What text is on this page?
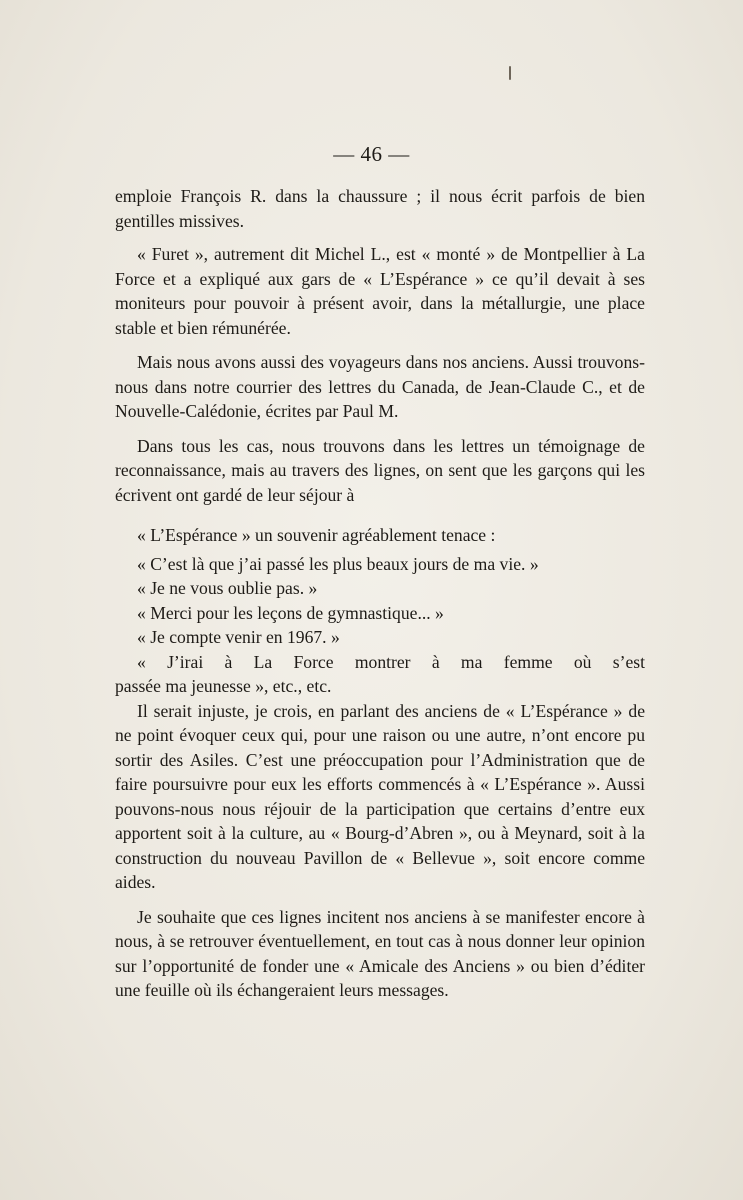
— 46 —

emploie François R. dans la chaussure ; il nous écrit parfois de bien gentilles missives.

« Furet », autrement dit Michel L., est « monté » de Montpellier à La Force et a expliqué aux gars de « L’Espérance » ce qu’il devait à ses moniteurs pour pouvoir à présent avoir, dans la métallurgie, une place stable et bien rémunérée.

Mais nous avons aussi des voyageurs dans nos anciens. Aussi trouvons-nous dans notre courrier des lettres du Canada, de Jean-Claude C., et de Nouvelle-Calédonie, écrites par Paul M.

Dans tous les cas, nous trouvons dans les lettres un témoignage de reconnaissance, mais au travers des lignes, on sent que les garçons qui les écrivent ont gardé de leur séjour à

« L’Espérance » un souvenir agréablement tenace :

« C’est là que j’ai passé les plus beaux jours de ma vie. »
« Je ne vous oublie pas. »
« Merci pour les leçons de gymnastique... »
« Je compte venir en 1967. »
« J’irai à La Force montrer à ma femme où s’est

passée ma jeunesse », etc., etc.

Il serait injuste, je crois, en parlant des anciens de « L’Espérance » de ne point évoquer ceux qui, pour une raison ou une autre, n’ont encore pu sortir des Asiles. C’est une préoccupation pour l’Administration que de faire poursuivre pour eux les efforts commencés à « L’Espérance ». Aussi pouvons-nous nous réjouir de la participation que certains d’entre eux apportent soit à la culture, au « Bourg-d’Abren », ou à Meynard, soit à la construction du nouveau Pavillon de « Bellevue », soit encore comme aides.

Je souhaite que ces lignes incitent nos anciens à se manifester encore à nous, à se retrouver éventuellement, en tout cas à nous donner leur opinion sur l’opportunité de fonder une « Amicale des Anciens » ou bien d’éditer une feuille où ils échangeraient leurs messages.
